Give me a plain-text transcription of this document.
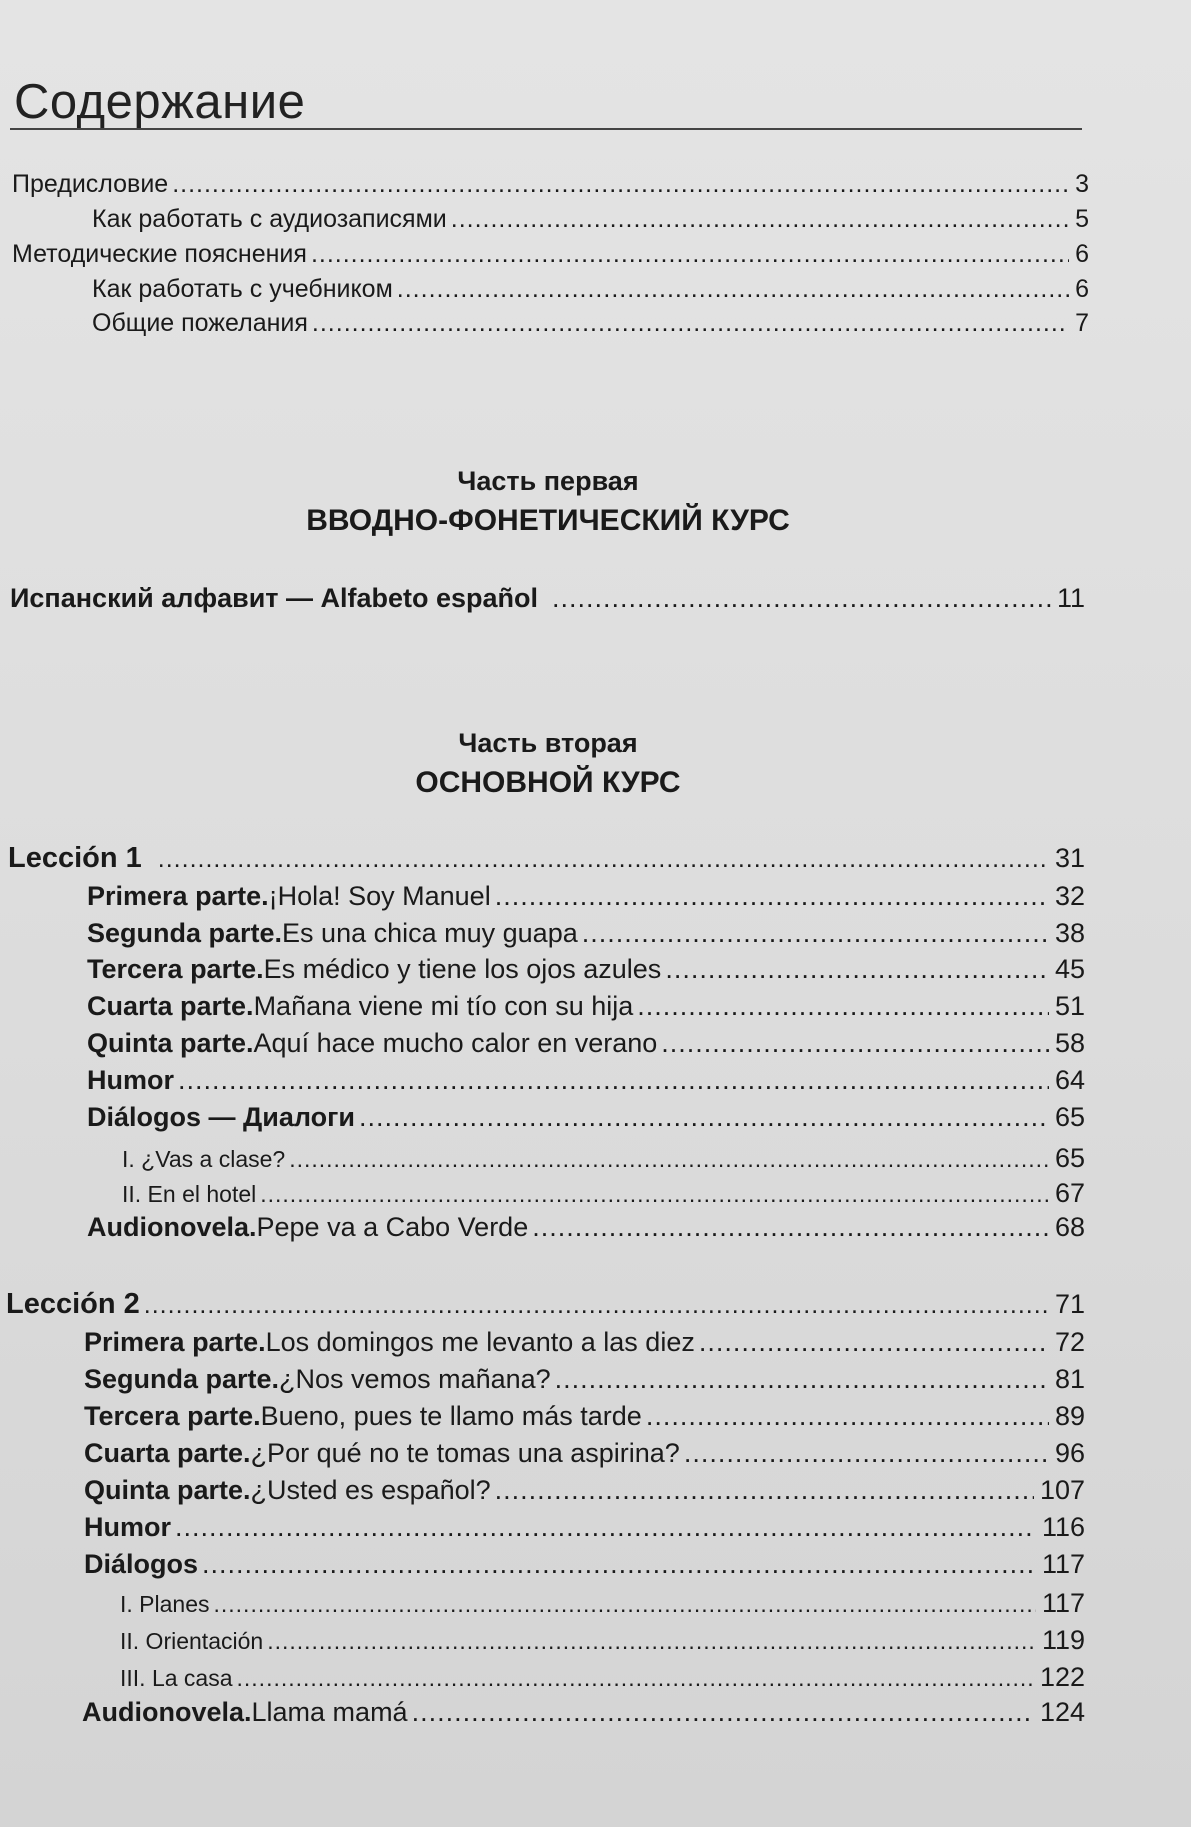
Содержание
Предисловие .....	3
Как работать с аудиозаписями .....	5
Методические пояснения .....	6
Как работать с учебником .....	6
Общие пожелания .....	7
Часть первая
ВВОДНО-ФОНЕТИЧЕСКИЙ КУРС
Испанский алфавит — Alfabeto español .....	11
Часть вторая
ОСНОВНОЙ КУРС
Lección 1 .....	31
Primera parte. ¡Hola! Soy Manuel .....	32
Segunda parte. Es una chica muy guapa .....	38
Tercera parte. Es médico y tiene los ojos azules .....	45
Cuarta parte. Mañana viene mi tío con su hija .....	51
Quinta parte. Aquí hace mucho calor en verano .....	58
Humor .....	64
Diálogos — Диалоги .....	65
I. ¿Vas a clase? .....	65
II. En el hotel .....	67
Audionovela. Pepe va a Cabo Verde .....	68
Lección 2 .....	71
Primera parte. Los domingos me levanto a las diez .....	72
Segunda parte. ¿Nos vemos mañana? .....	81
Tercera parte. Bueno, pues te llamo más tarde .....	89
Cuarta parte. ¿Por qué no te tomas una aspirina? .....	96
Quinta parte. ¿Usted es español? .....	107
Humor .....	116
Diálogos .....	117
I. Planes .....	117
II. Orientación .....	119
III. La casa .....	122
Audionovela. Llama mamá .....	124
